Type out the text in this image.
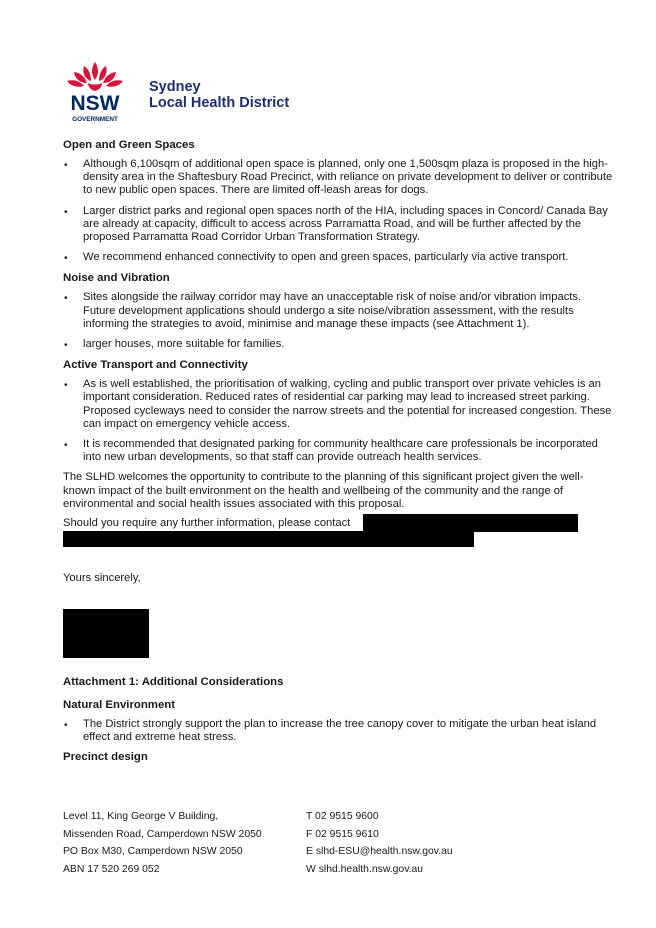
NSW
GOVERNMENT
Sydney
Local Health District
Open and Green Spaces
• Although 6,100sqm of additional open space is planned, only one 1,500sqm plaza is proposed in the high-density area in the Shaftesbury Road Precinct, with reliance on private development to deliver or contribute to new public open spaces. There are limited off-leash areas for dogs.
• Larger district parks and regional open spaces north of the HIA, including spaces in Concord/ Canada Bay are already at capacity, difficult to access across Parramatta Road, and will be further affected by the proposed Parramatta Road Corridor Urban Transformation Strategy.
• We recommend enhanced connectivity to open and green spaces, particularly via active transport.
Noise and Vibration
• Sites alongside the railway corridor may have an unacceptable risk of noise and/or vibration impacts. Future development applications should undergo a site noise/vibration assessment, with the results informing the strategies to avoid, minimise and manage these impacts (see Attachment 1).
• larger houses, more suitable for families.
Active Transport and Connectivity
• As is well established, the prioritisation of walking, cycling and public transport over private vehicles is an important consideration. Reduced rates of residential car parking may lead to increased street parking. Proposed cycleways need to consider the narrow streets and the potential for increased congestion. These can impact on emergency vehicle access.
• It is recommended that designated parking for community healthcare care professionals be incorporated into new urban developments, so that staff can provide outreach health services.

The SLHD welcomes the opportunity to contribute to the planning of this significant project given the well-known impact of the built environment on the health and wellbeing of the community and the range of environmental and social health issues associated with this proposal.

Should you require any further information, please contact
Yours sincerely,
Attachment 1: Additional Considerations
Natural Environment
• The District strongly support the plan to increase the tree canopy cover to mitigate the urban heat island effect and extreme heat stress.
Precinct design
Level 11, King George V Building,
Missenden Road, Camperdown NSW 2050
PO Box M30, Camperdown NSW 2050
ABN 17 520 269 052
T 02 9515 9600
F 02 9515 9610
E slhd-ESU@health.nsw.gov.au
W slhd.health.nsw.gov.au
